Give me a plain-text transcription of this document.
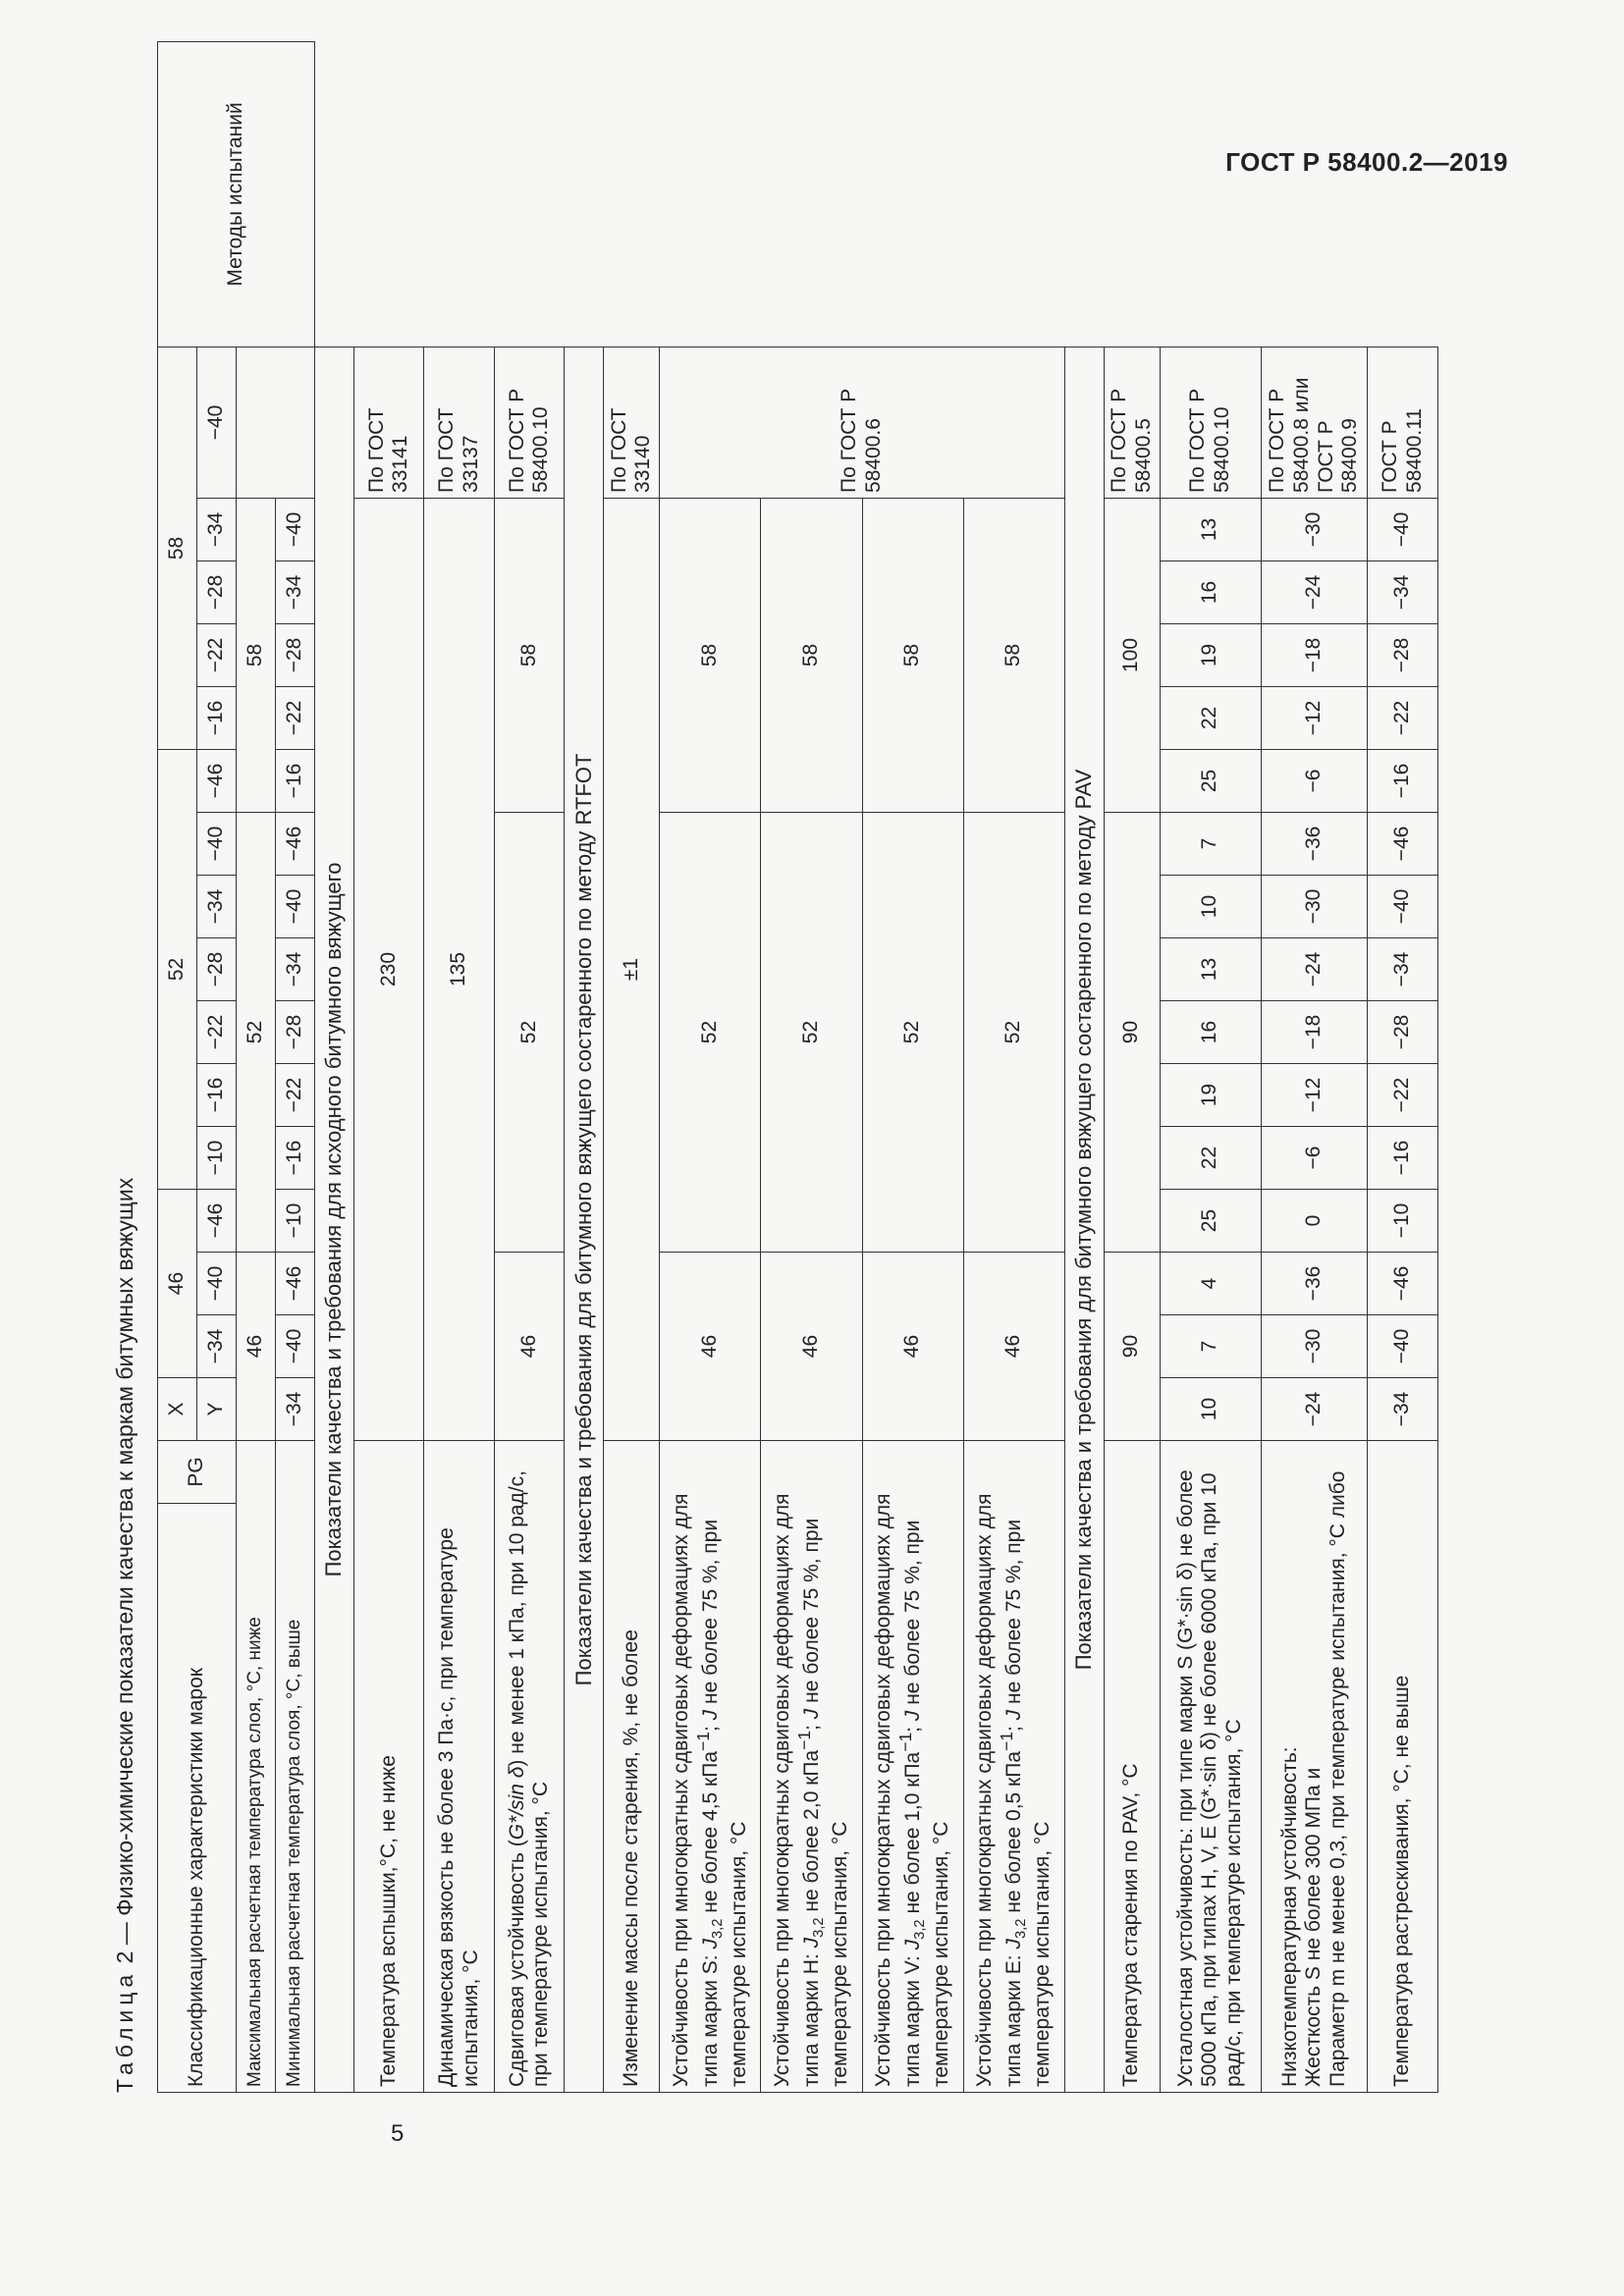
ГОСТ Р 58400.2—2019
5
Таблица 2 — Физико-химические показатели качества к маркам битумных вяжущих Классификационные характеристики марок	PG	X	46			52							58					Методы испытаний
		Y	−34	−40	−46	−10	−16	−22	−28	−34	−40	−46	−16	−22	−28	−34	−40	
Максимальная расчетная температура слоя, °С, ниже		46			52							58						
Минимальная расчетная температура слоя, °С, выше		−34	−40	−46	−10	−16	−22	−28	−34	−40	−46	−16	−22	−28	−34	−40		
Показатели качества и требования для исходного битумного вяжущего																		
Температура вспышки,°С, не ниже		230															По ГОСТ 33141	
Динамическая вязкость не более 3 Па·с, при температуре испытания, °С		135															По ГОСТ 33137	
Сдвиговая устойчивость (G*/sin δ) не менее 1 кПа, при 10 рад/с, при температуре испытания, °С		46			52							58					По ГОСТ Р 58400.10	
Показатели качества и требования для битумного вяжущего состаренного по методу RTFOT																		
Изменение массы после старения, %, не более		±1															По ГОСТ 33140	
Устойчивость при многократных сдвиговых деформациях для типа марки S: $J_{3,2}$ не более 4,5 кПа$^{-1}$; J не более 75 %, при температуре испытания, °С		46			52							58					По ГОСТ Р 58400.6	
Устойчивость при многократных сдвиговых деформациях для типа марки H: $J_{3,2}$ не более 2,0 кПа$^{-1}$; J не более 75 %, при температуре испытания, °С		46			52							58						
Устойчивость при многократных сдвиговых деформациях для типа марки V: $J_{3,2}$ не более 1,0 кПа$^{-1}$; J не более 75 %, при температуре испытания, °С		46			52							58						
Устойчивость при многократных сдвиговых деформациях для типа марки E: $J_{3,2}$ не более 0,5 кПа$^{-1}$; J не более 75 %, при температуре испытания, °С		46			52							58						
Показатели качества и требования для битумного вяжущего состаренного по методу PAV																		
Температура старения по PAV, °С		90			90							100					По ГОСТ Р 58400.5	
Усталостная устойчивость: при типе марки S (G*·sin δ) не более 5000 кПа, при типах H, V, E (G*·sin δ) не более 6000 кПа, при 10 рад/с, при температуре испытания, °С		10	7	4	25	22	19	16	13	10	7	25	22	19	16	13	По ГОСТ Р 58400.10	

Низкотемпературная устойчивость: Жесткость S не более 300 МПа и Параметр m не менее 0,3, при температуре испытания, °С либо		−24	−30	−36	0	−6	−12	−18	−24	−30	−36	−6	−12	−18	−24	−30	По ГОСТ Р 58400.8 или ГОСТ Р 58400.9	
Температура растрескивания, °С, не выше		−34	−40	−46	−10	−16	−22	−28	−34	−40	−46	−16	−22	−28	−34	−40	ГОСТ Р 58400.11	
